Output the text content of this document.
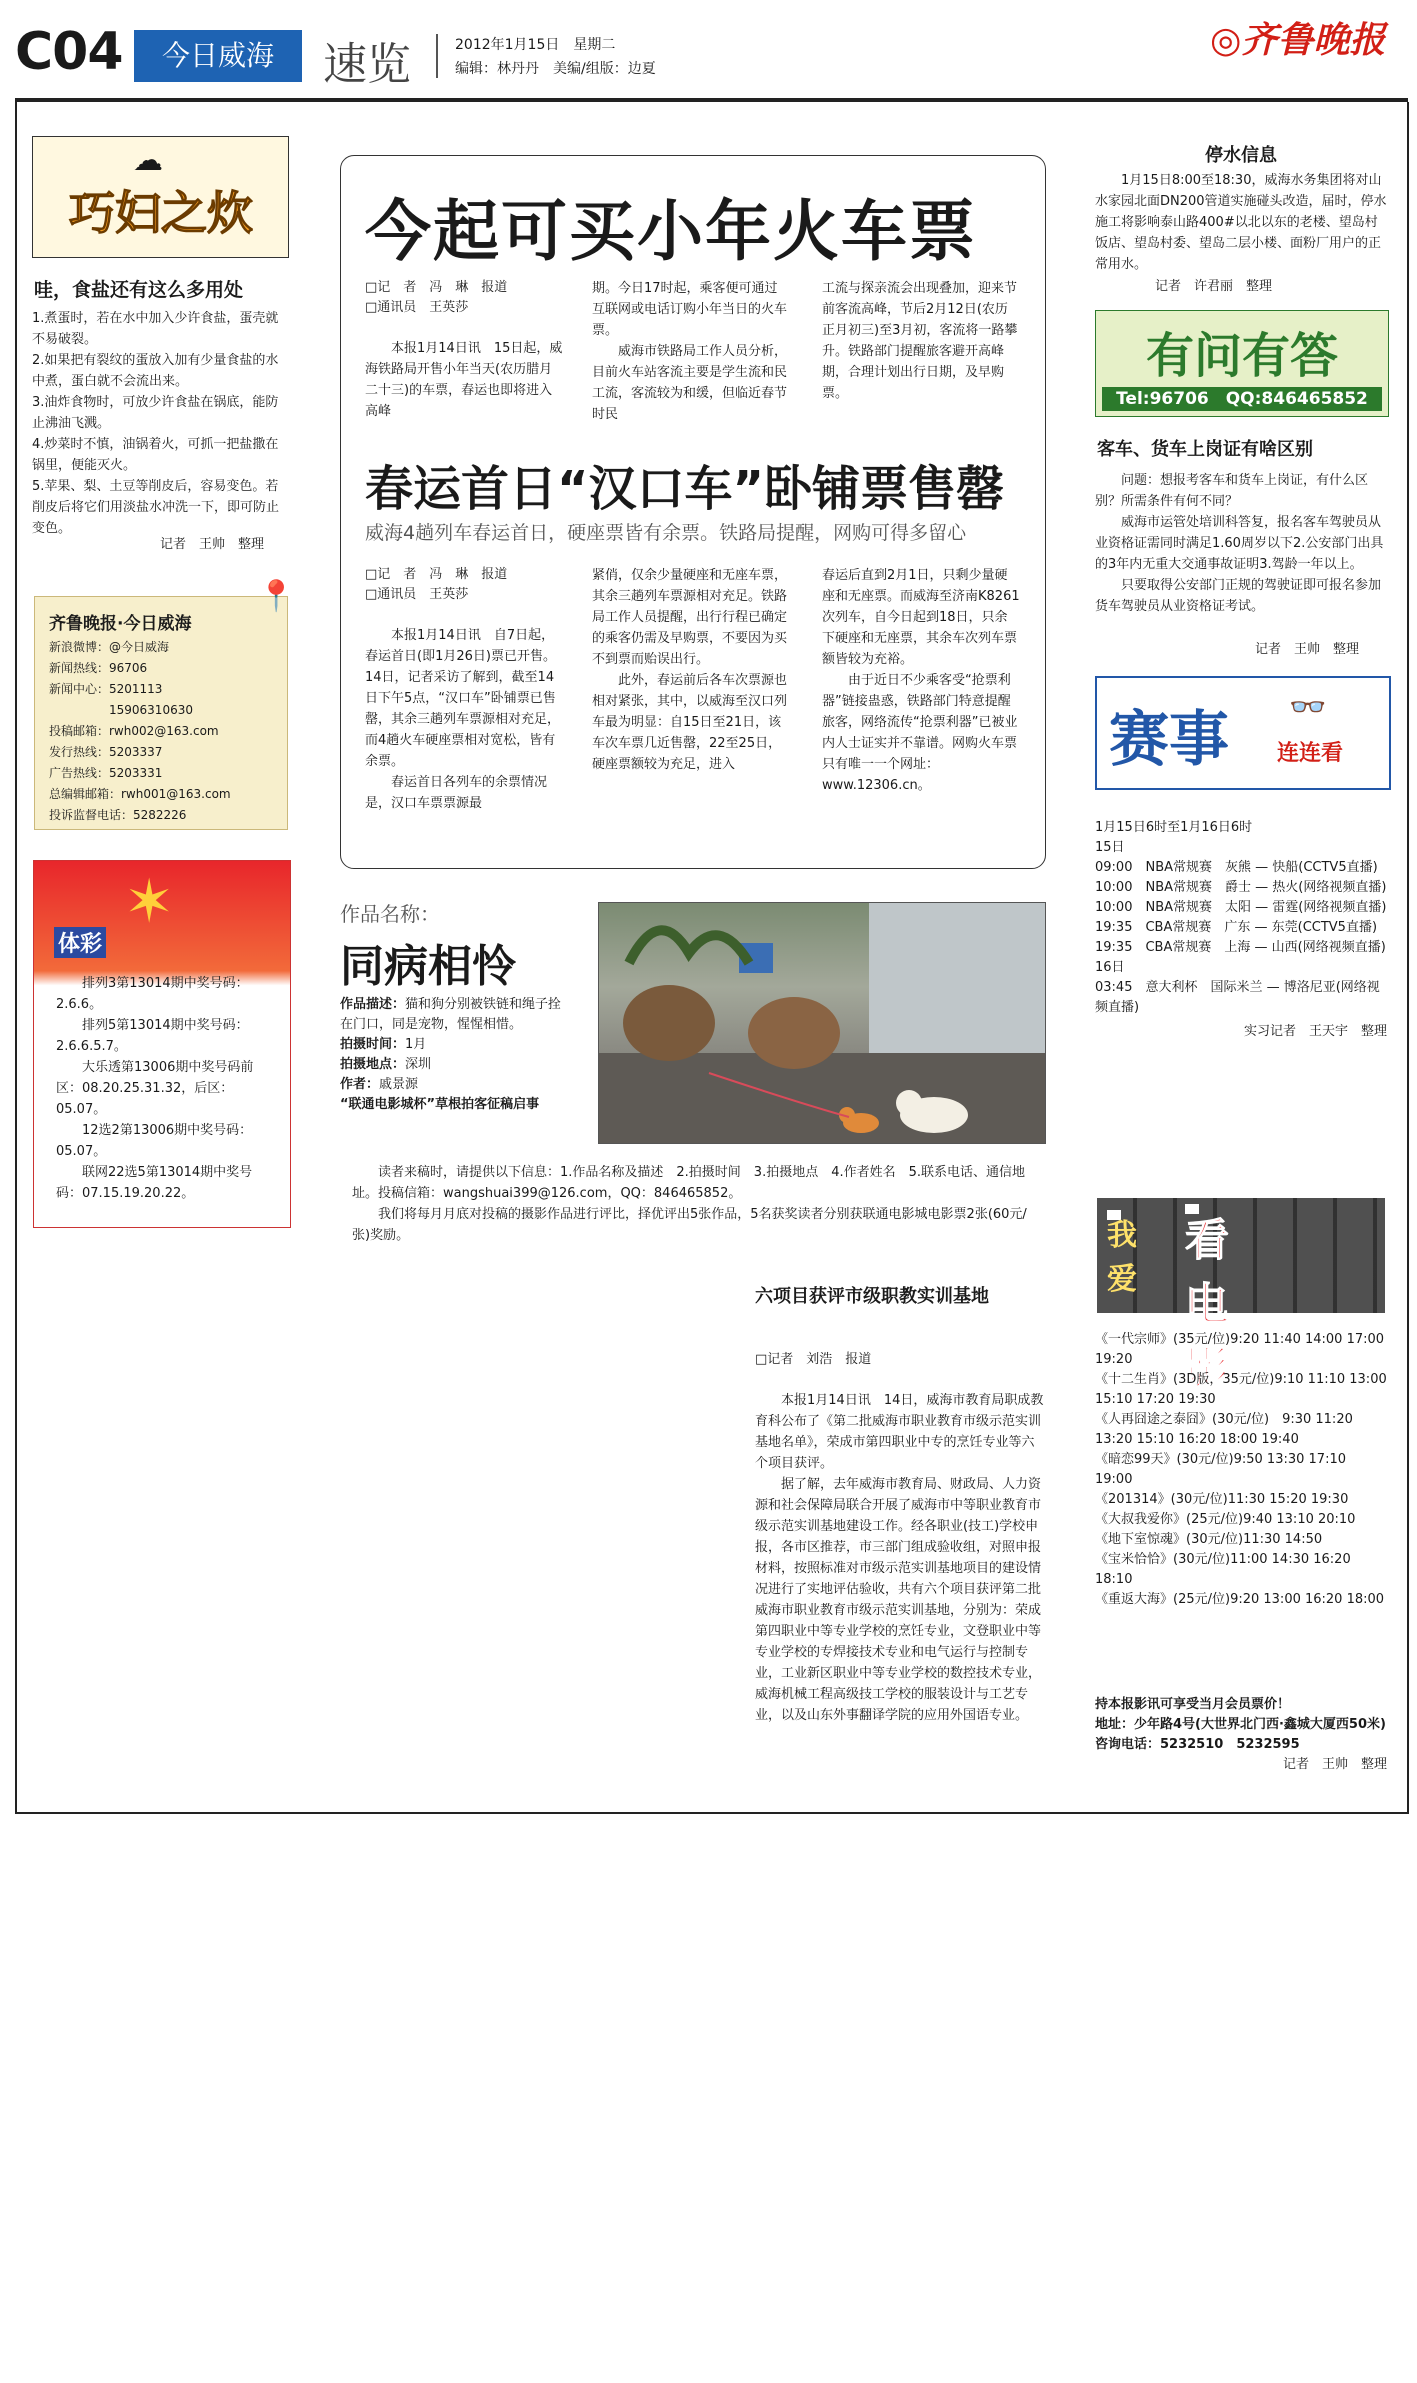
C04	今日威海	速览	2012年1月15日　星期二
编辑：林丹丹　美编/组版：边夏
◎齐鲁晚报
☁
巧妇之炊
哇，食盐还有这么多用处
1.煮蛋时，若在水中加入少许食盐，蛋壳就不易破裂。
2.如果把有裂纹的蛋放入加有少量食盐的水中煮，蛋白就不会流出来。
3.油炸食物时，可放少许食盐在锅底，能防止沸油飞溅。
4.炒菜时不慎，油锅着火，可抓一把盐撒在锅里，便能灭火。
5.苹果、梨、土豆等削皮后，容易变色。若削皮后将它们用淡盐水冲洗一下，即可防止变色。
记者　王帅　整理
📍
齐鲁晚报·今日威海
新浪微博：@今日威海
新闻热线：96706
新闻中心：5201113
　　　　　15906310630
投稿邮箱：rwh002@163.com
发行热线：5203337
广告热线：5203331
总编辑邮箱：rwh001@163.com
投诉监督电话：5282226
✶
体彩
排列3第13014期中奖号码：2.6.6。
排列5第13014期中奖号码：2.6.6.5.7。
大乐透第13006期中奖号码前区：08.20.25.31.32，后区：05.07。
12选2第13006期中奖号码：05.07。
联网22选5第13014期中奖号码：07.15.19.20.22。
今起可买小年火车票
□记　者　冯　琳　报道
□通讯员　王英莎

本报1月14日讯　15日起，威海铁路局开售小年当天(农历腊月二十三)的车票，春运也即将进入高峰

期。今日17时起，乘客便可通过互联网或电话订购小年当日的火车票。

威海市铁路局工作人员分析，目前火车站客流主要是学生流和民工流，客流较为和缓，但临近春节时民

工流与探亲流会出现叠加，迎来节前客流高峰，节后2月12日(农历正月初三)至3月初，客流将一路攀升。铁路部门提醒旅客避开高峰期，合理计划出行日期，及早购票。

春运首日“汉口车”卧铺票售罄
威海4趟列车春运首日，硬座票皆有余票。铁路局提醒，网购可得多留心
□记　者　冯　琳　报道
□通讯员　王英莎

本报1月14日讯　自7日起，春运首日(即1月26日)票已开售。14日，记者采访了解到，截至14日下午5点，“汉口车”卧铺票已售罄，其余三趟列车票源相对充足，而4趟火车硬座票相对宽松，皆有余票。

春运首日各列车的余票情况是，汉口车票票源最

紧俏，仅余少量硬座和无座车票，其余三趟列车票源相对充足。铁路局工作人员提醒，出行行程已确定的乘客仍需及早购票，不要因为买不到票而贻误出行。

此外，春运前后各车次票源也相对紧张，其中，以威海至汉口列车最为明显：自15日至21日，该车次车票几近售罄，22至25日，硬座票额较为充足，进入

春运后直到2月1日，只剩少量硬座和无座票。而威海至济南K8261次列车，自今日起到18日，只余下硬座和无座票，其余车次列车票额皆较为充裕。

由于近日不少乘客受“抢票利器”链接蛊惑，铁路部门特意提醒旅客，网络流传“抢票利器”已被业内人士证实并不靠谱。网购火车票只有唯一一个网址：www.12306.cn。

作品名称：
同病相怜
作品描述：猫和狗分别被铁链和绳子拴在门口，同是宠物，惺惺相惜。
拍摄时间：1月
拍摄地点：深圳
作者：戚景源
“联通电影城杯”草根拍客征稿启事

读者来稿时，请提供以下信息：1.作品名称及描述　2.拍摄时间　3.拍摄地点　4.作者姓名　5.联系电话、通信地址。投稿信箱：wangshuai399@126.com，QQ：846465852。

我们将每月月底对投稿的摄影作品进行评比，择优评出5张作品，5名获奖读者分别获联通电影城电影票2张(60元/张)奖励。

六项目获评市级职教实训基地
□记者　刘浩　报道

本报1月14日讯　14日，威海市教育局职成教育科公布了《第二批威海市职业教育市级示范实训基地名单》，荣成市第四职业中专的烹饪专业等六个项目获评。

据了解，去年威海市教育局、财政局、人力资源和社会保障局联合开展了威海市中等职业教育市级示范实训基地建设工作。经各职业(技工)学校申报，各市区推荐，市三部门组成验收组，对照申报材料，按照标准对市级示范实训基地项目的建设情况进行了实地评估验收，共有六个项目获评第二批威海市职业教育市级示范实训基地，分别为：荣成第四职业中等专业学校的烹饪专业，文登职业中等专业学校的专焊接技术专业和电气运行与控制专业，工业新区职业中等专业学校的数控技术专业，威海机械工程高级技工学校的服装设计与工艺专业，以及山东外事翻译学院的应用外国语专业。

停水信息

1月15日8:00至18:30，威海水务集团将对山水家园北面DN200管道实施碰头改造，届时，停水施工将影响泰山路400#以北以东的老楼、望岛村饭店、望岛村委、望岛二层小楼、面粉厂用户的正常用水。

记者　许君丽　整理
有问有答
Tel:96706　QQ:846465852
客车、货车上岗证有啥区别

问题：想报考客车和货车上岗证，有什么区别？所需条件有何不同？

威海市运管处培训科答复，报名客车驾驶员从业资格证需同时满足1.60周岁以下2.公安部门出具的3年内无重大交通事故证明3.驾龄一年以上。

只要取得公安部门正规的驾驶证即可报名参加货车驾驶员从业资格证考试。

记者　王帅　整理
赛事 👓
连连看
1月15日6时至1月16日6时
15日
09:00　NBA常规赛　灰熊 — 快船(CCTV5直播)
10:00　NBA常规赛　爵士 — 热火(网络视频直播)
10:00　NBA常规赛　太阳 — 雷霆(网络视频直播)
19:35　CBA常规赛　广东 — 东莞(CCTV5直播)
19:35　CBA常规赛　上海 — 山西(网络视频直播)
16日
03:45　意大利杯　国际米兰 — 博洛尼亚(网络视频直播)
实习记者　王天宇　整理
影
《一代宗师》(35元/位)9:20 11:40 14:00 17:00 19:20
《十二生肖》(3D版，35元/位)9:10 11:10 13:00 15:10 17:20 19:30
《人再囧途之泰囧》(30元/位)　9:30 11:20 13:20 15:10 16:20 18:00 19:40
《暗恋99天》(30元/位)9:50 13:30 17:10 19:00
《201314》(30元/位)11:30 15:20 19:30
《大叔我爱你》(25元/位)9:40 13:10 20:10
《地下室惊魂》(30元/位)11:30 14:50
《宝米恰恰》(30元/位)11:00 14:30 16:20 18:10
《重返大海》(25元/位)9:20 13:00 16:20 18:00
持本报影讯可享受当月会员票价！
地址：少年路4号(大世界北门西·鑫城大厦西50米)
咨询电话：5232510　5232595
记者　王帅　整理
